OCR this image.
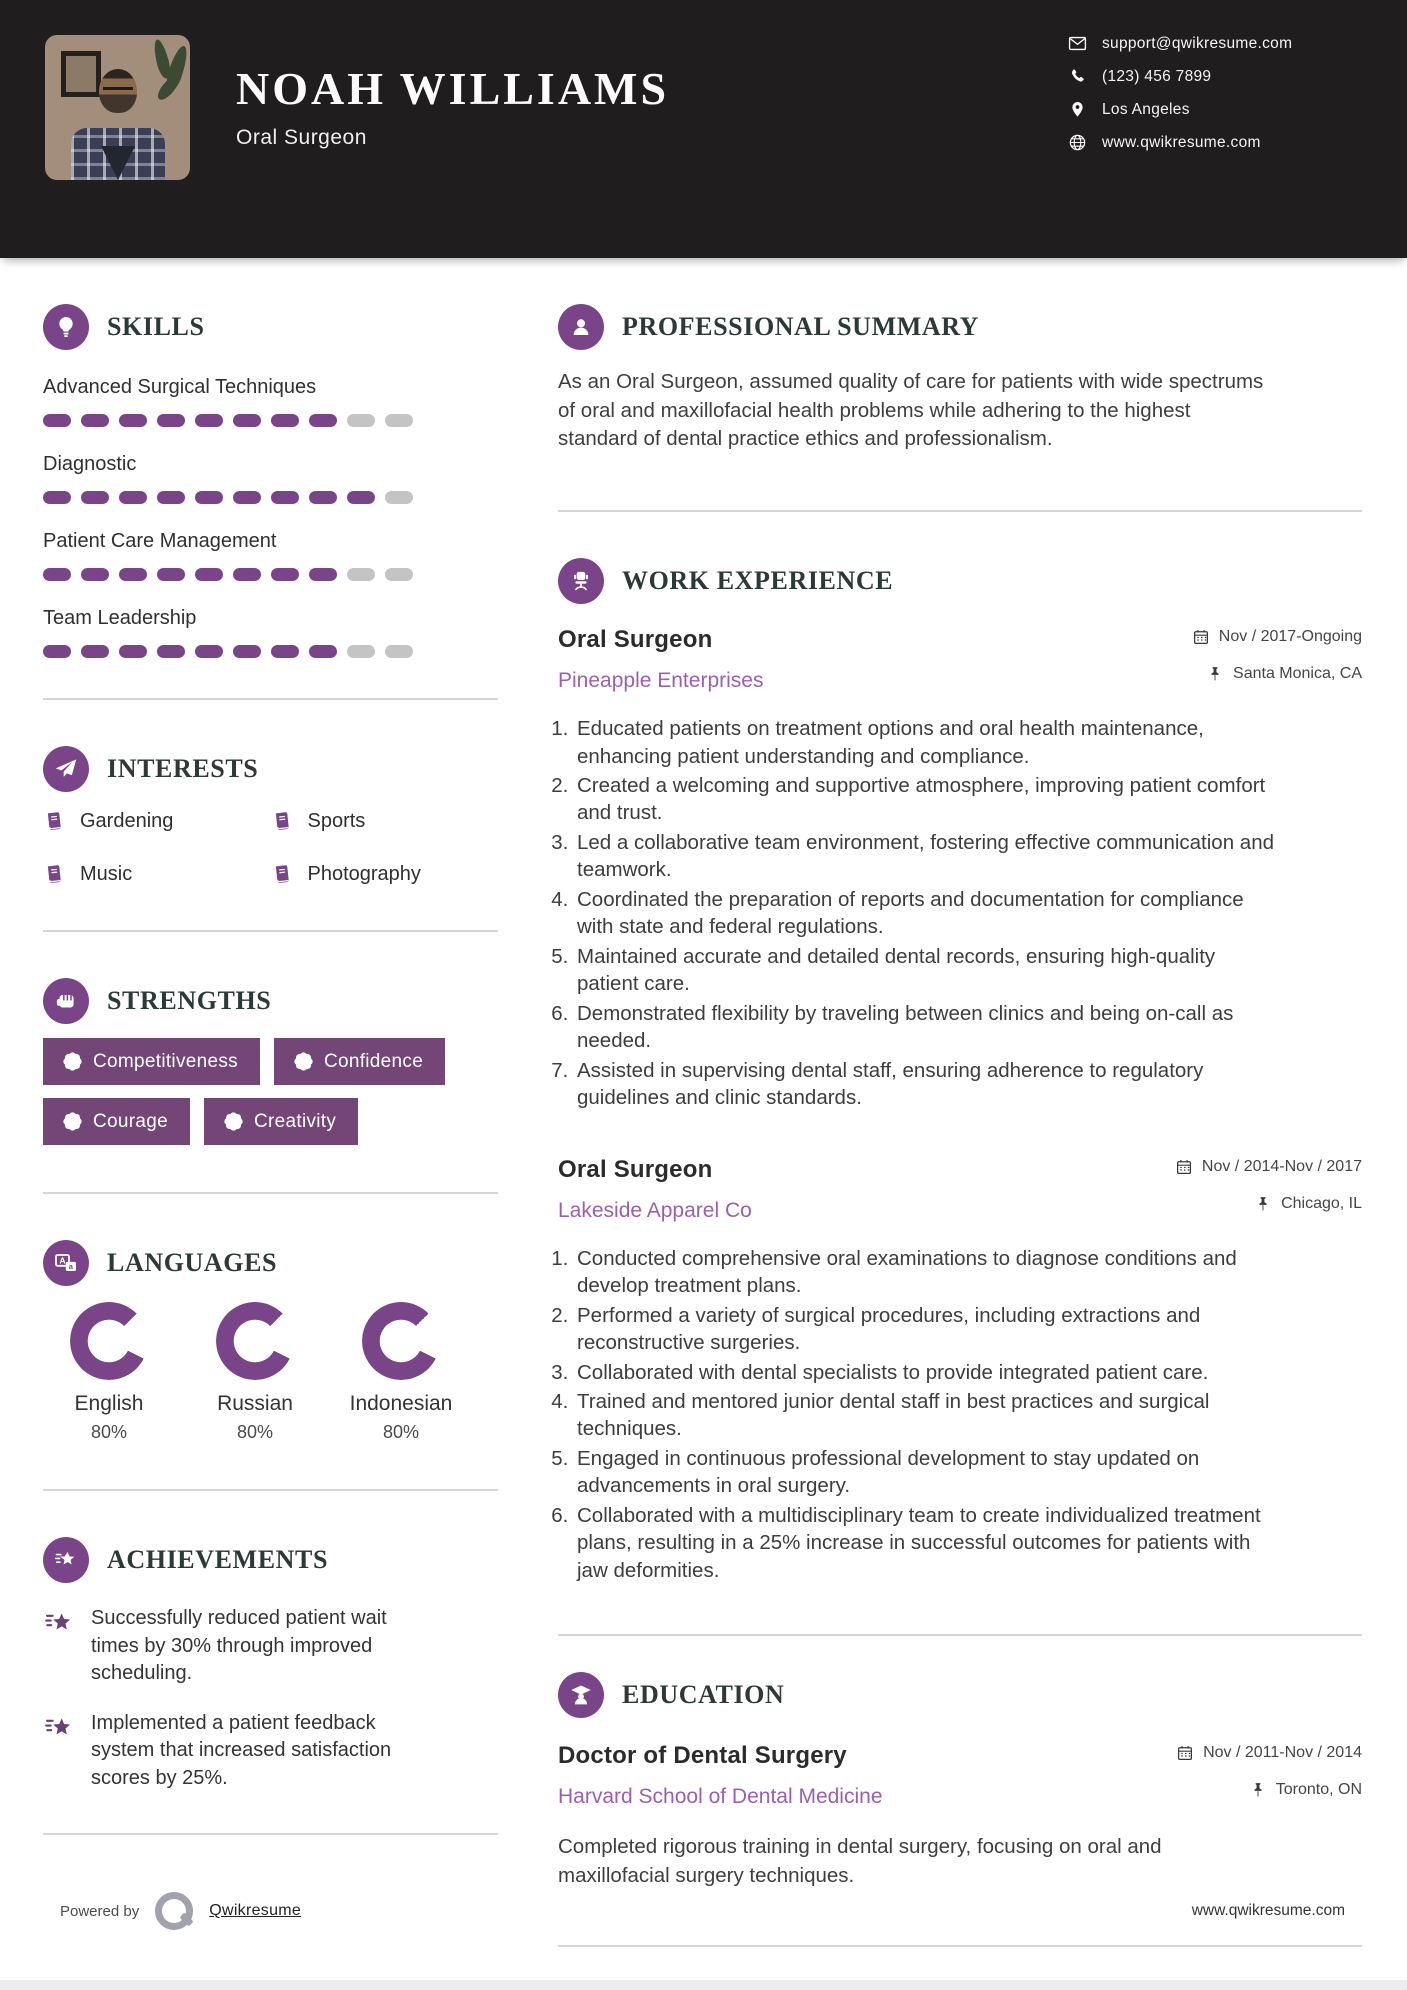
NOAH WILLIAMS
Oral Surgeon
support@qwikresume.com
(123) 456 7899
Los Angeles
www.qwikresume.com
SKILLS
Advanced Surgical Techniques
Diagnostic
Patient Care Management
Team Leadership
INTERESTS
Gardening	Sports
Music	Photography
STRENGTHS
Competitiveness	Confidence
Courage	Creativity
A
a LANGUAGES
English
80%
Russian
80%
Indonesian
80%
ACHIEVEMENTS
Successfully reduced patient wait times by 30% through improved scheduling.
Implemented a patient feedback system that increased satisfaction scores by 25%.
PROFESSIONAL SUMMARY

As an Oral Surgeon, assumed quality of care for patients with wide spectrums of oral and maxillofacial health problems while adhering to the highest standard of dental practice ethics and professionalism.

WORK EXPERIENCE
Oral Surgeon
Pineapple Enterprises
Nov / 2017-Ongoing
Santa Monica, CA
1. Educated patients on treatment options and oral health maintenance, enhancing patient understanding and compliance.
2. Created a welcoming and supportive atmosphere, improving patient comfort and trust.
3. Led a collaborative team environment, fostering effective communication and teamwork.
4. Coordinated the preparation of reports and documentation for compliance with state and federal regulations.
5. Maintained accurate and detailed dental records, ensuring high-quality patient care.
6. Demonstrated flexibility by traveling between clinics and being on-call as needed.
7. Assisted in supervising dental staff, ensuring adherence to regulatory guidelines and clinic standards.
Oral Surgeon
Lakeside Apparel Co
Nov / 2014-Nov / 2017
Chicago, IL
1. Conducted comprehensive oral examinations to diagnose conditions and develop treatment plans.
2. Performed a variety of surgical procedures, including extractions and reconstructive surgeries.
3. Collaborated with dental specialists to provide integrated patient care.
4. Trained and mentored junior dental staff in best practices and surgical techniques.
5. Engaged in continuous professional development to stay updated on advancements in oral surgery.
6. Collaborated with a multidisciplinary team to create individualized treatment plans, resulting in a 25% increase in successful outcomes for patients with jaw deformities.
EDUCATION
Doctor of Dental Surgery
Harvard School of Dental Medicine
Nov / 2011-Nov / 2014
Toronto, ON
Completed rigorous training in dental surgery, focusing on oral and maxillofacial surgery techniques.
Powered by	Qwikresume	www.qwikresume.com
